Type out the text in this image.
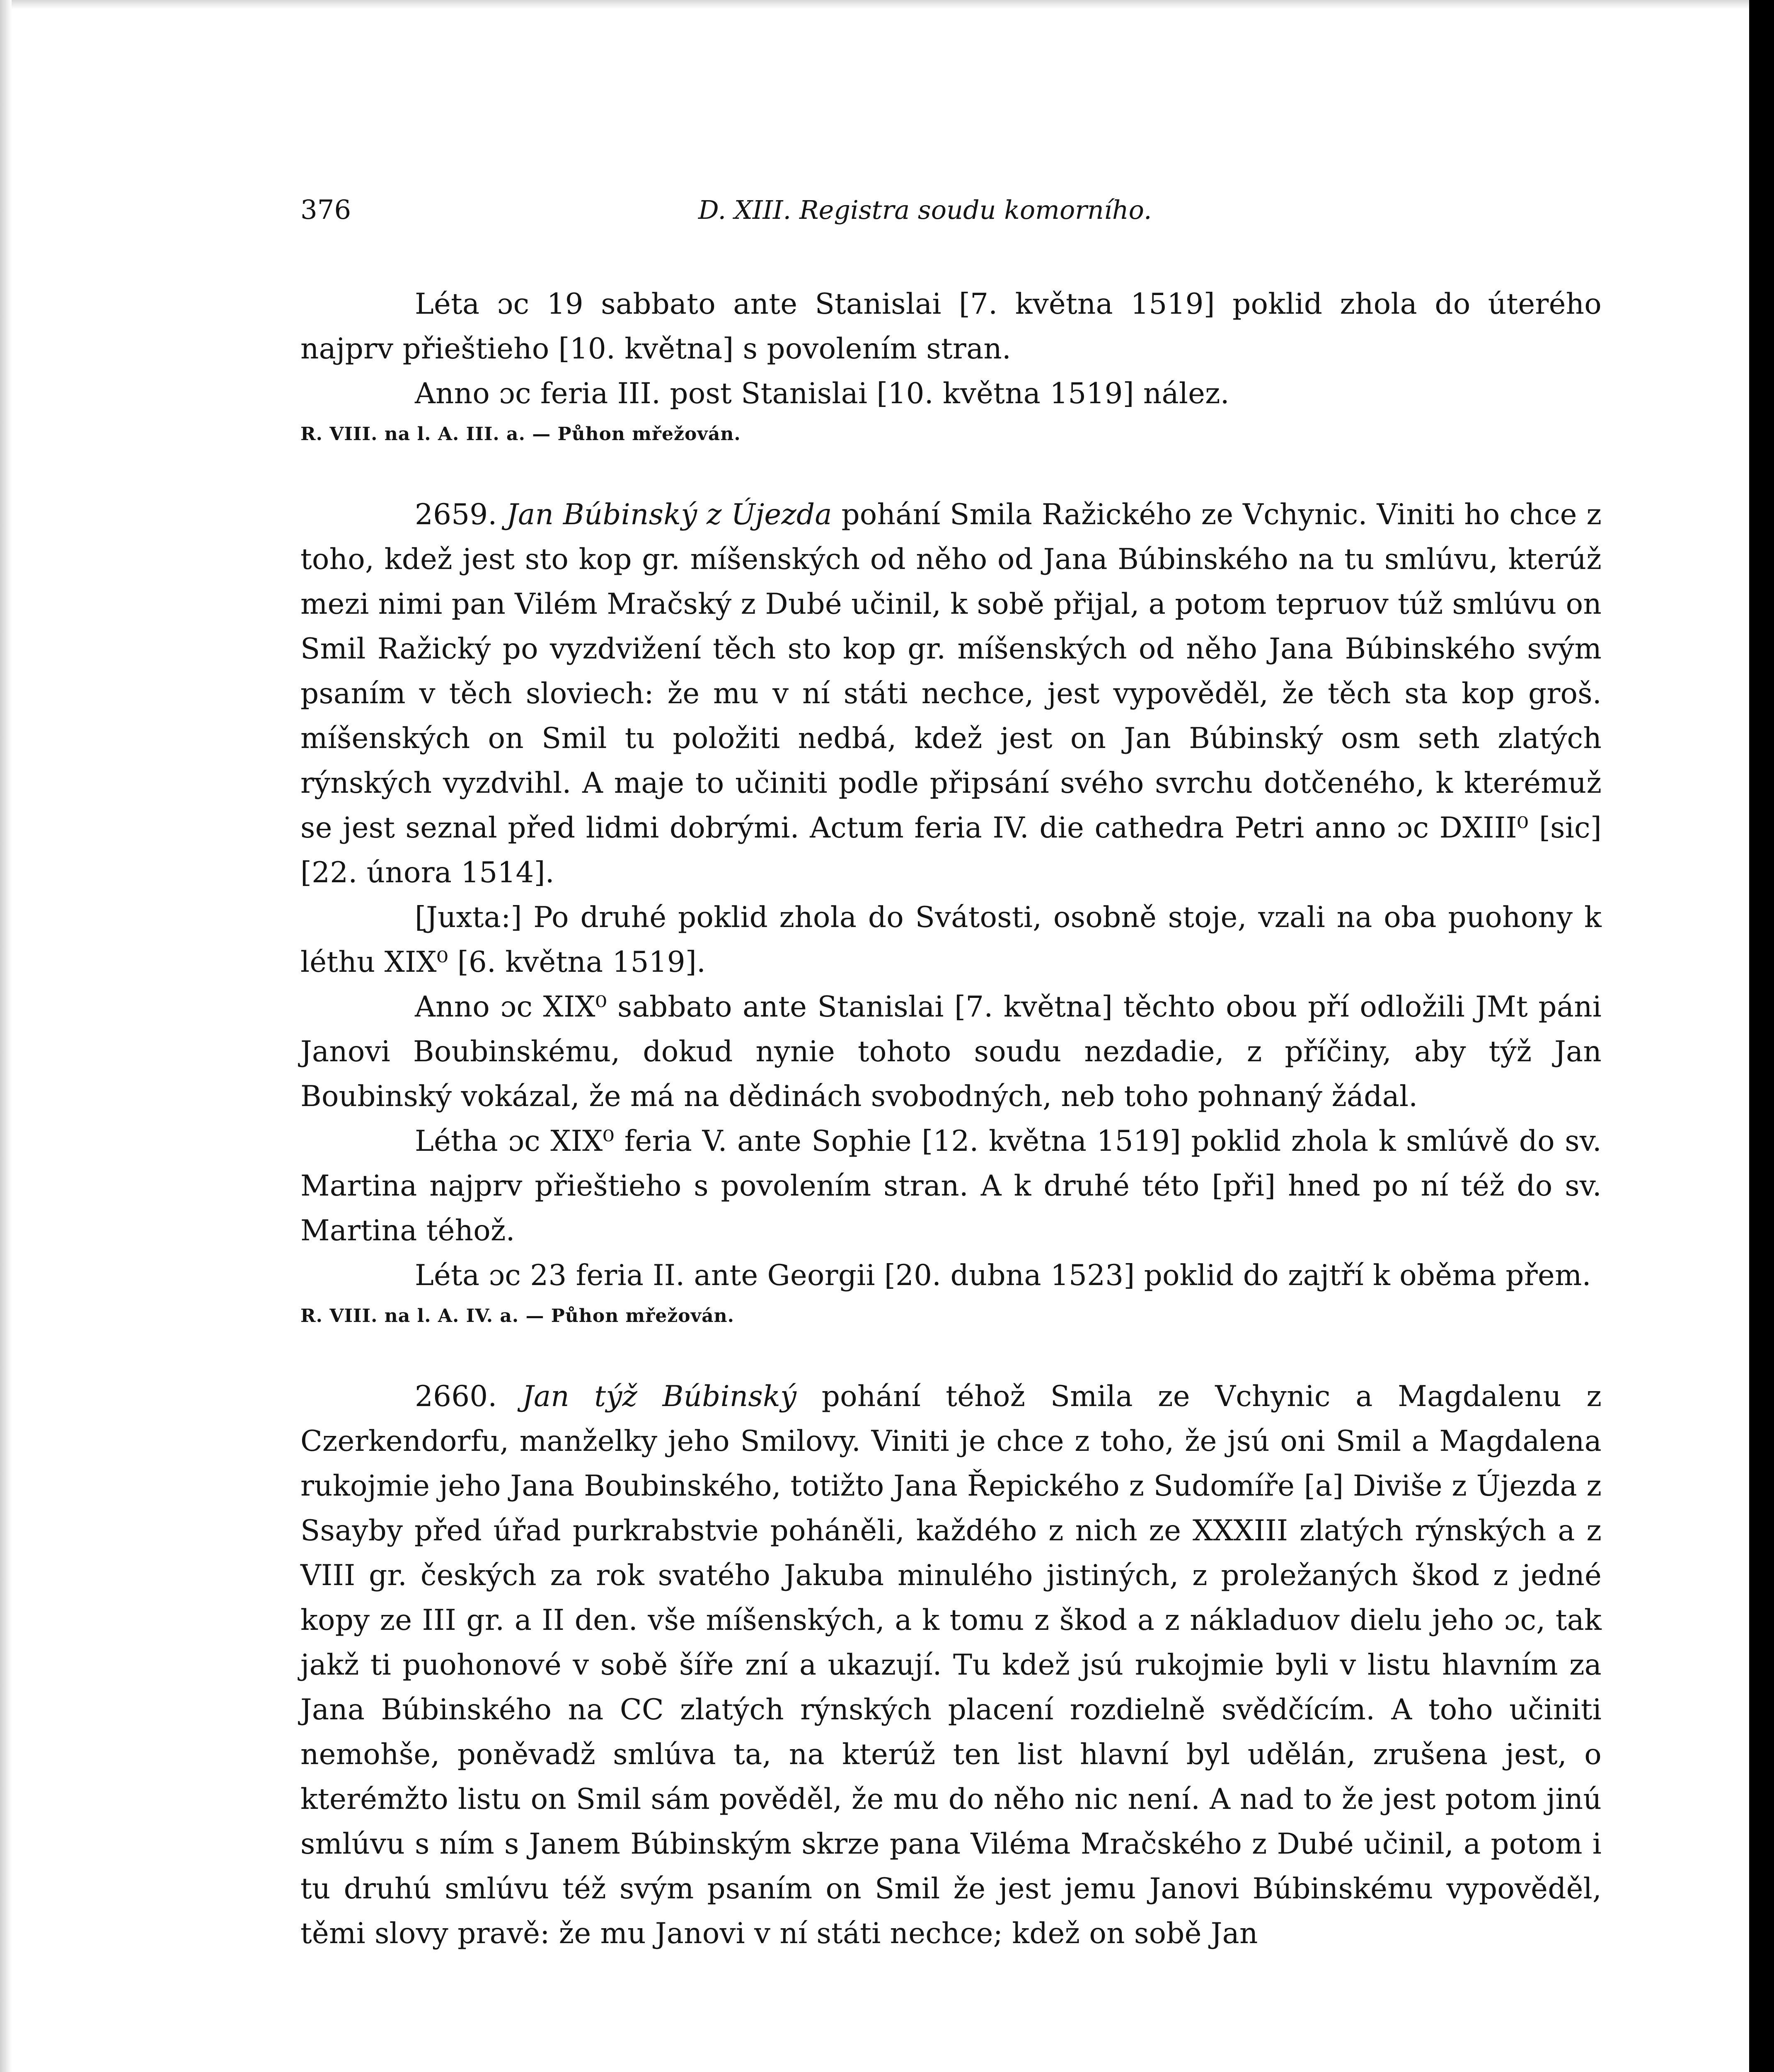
376	D. XIII. Registra soudu komorního.

Léta ɔc 19 sabbato ante Stanislai [7. května 1519] poklid zhola do úterého najprv přieštieho [10. května] s povolením stran.

Anno ɔc feria III. post Stanislai [10. května 1519] nález.

R. VIII. na l. A. III. a. — Půhon mřežován.

2659. Jan Búbinský z Újezda pohání Smila Ražického ze Vchynic. Viniti ho chce z toho, kdež jest sto kop gr. míšenských od něho od Jana Búbinského na tu smlúvu, kterúž mezi nimi pan Vilém Mračský z Dubé učinil, k sobě přijal, a potom tepruov túž smlúvu on Smil Ražický po vyzdvižení těch sto kop gr. míšenských od něho Jana Búbinského svým psaním v těch sloviech: že mu v ní státi nechce, jest vypověděl, že těch sta kop groš. míšenských on Smil tu položiti nedbá, kdež jest on Jan Búbinský osm seth zlatých rýnských vyzdvihl. A maje to učiniti podle připsání svého svrchu dotčeného, k kterémuž se jest seznal před lidmi dobrými. Actum feria IV. die cathedra Petri anno ɔc DXIII⁰ [sic] [22. února 1514].

[Juxta:] Po druhé poklid zhola do Svátosti, osobně stoje, vzali na oba puohony k léthu XIX⁰ [6. května 1519].

Anno ɔc XIX⁰ sabbato ante Stanislai [7. května] těchto obou pří odložili JMt páni Janovi Boubinskému, dokud nynie tohoto soudu nezdadie, z příčiny, aby týž Jan Boubinský vokázal, že má na dědinách svobodných, neb toho pohnaný žádal.

Létha ɔc XIX⁰ feria V. ante Sophie [12. května 1519] poklid zhola k smlúvě do sv. Martina najprv přieštieho s povolením stran. A k druhé této [při] hned po ní též do sv. Martina téhož.

Léta ɔc 23 feria II. ante Georgii [20. dubna 1523] poklid do zajtří k oběma přem.

R. VIII. na l. A. IV. a. — Půhon mřežován.

2660. Jan týž Búbinský pohání téhož Smila ze Vchynic a Magdalenu z Czerkendorfu, manželky jeho Smilovy. Viniti je chce z toho, že jsú oni Smil a Magdalena rukojmie jeho Jana Boubinského, totižto Jana Řepického z Sudomíře [a] Diviše z Újezda z Ssayby před úřad purkrabstvie poháněli, každého z nich ze XXXIII zlatých rýnských a z VIII gr. českých za rok svatého Jakuba minulého jistiných, z proležaných škod z jedné kopy ze III gr. a II den. vše míšenských, a k tomu z škod a z nákladuov dielu jeho ɔc, tak jakž ti puohonové v sobě šíře zní a ukazují. Tu kdež jsú rukojmie byli v listu hlavním za Jana Búbinského na CC zlatých rýnských placení rozdielně svědčícím. A toho učiniti nemohše, poněvadž smlúva ta, na kterúž ten list hlavní byl udělán, zrušena jest, o kterémžto listu on Smil sám pověděl, že mu do něho nic není. A nad to že jest potom jinú smlúvu s ním s Janem Búbinským skrze pana Viléma Mračského z Dubé učinil, a potom i tu druhú smlúvu též svým psaním on Smil že jest jemu Janovi Búbinskému vypověděl, těmi slovy pravě: že mu Janovi v ní státi nechce; kdež on sobě Jan
